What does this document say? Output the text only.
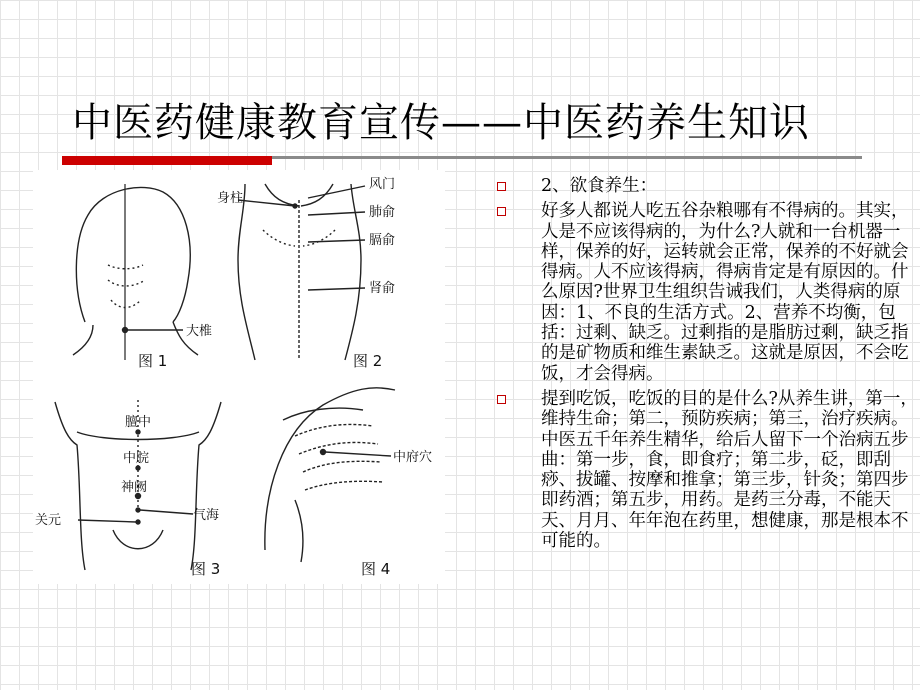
中医药健康教育宣传——中医药养生知识
大椎
图 1
身柱
风门
肺俞
膈俞
肾俞
图 2
膻中
中脘
神阙
关元	气海
图 3
中府穴
图 4
2、欲食养生：
好多人都说人吃五谷杂粮哪有不得病的。其实，人是不应该得病的，为什么?人就和一台机器一样，保养的好，运转就会正常，保养的不好就会得病。人不应该得病，得病肯定是有原因的。什么原因?世界卫生组织告诫我们，人类得病的原因：1、不良的生活方式。2、营养不均衡，包括：过剩、缺乏。过剩指的是脂肪过剩，缺乏指的是矿物质和维生素缺乏。这就是原因，不会吃饭，才会得病。
提到吃饭，吃饭的目的是什么?从养生讲，第一，维持生命；第二，预防疾病；第三，治疗疾病。中医五千年养生精华，给后人留下一个治病五步曲：第一步，食，即食疗；第二步，砭，即刮痧、拔罐、按摩和推拿；第三步，针灸；第四步即药酒；第五步，用药。是药三分毒，不能天天、月月、年年泡在药里，想健康，那是根本不可能的。
